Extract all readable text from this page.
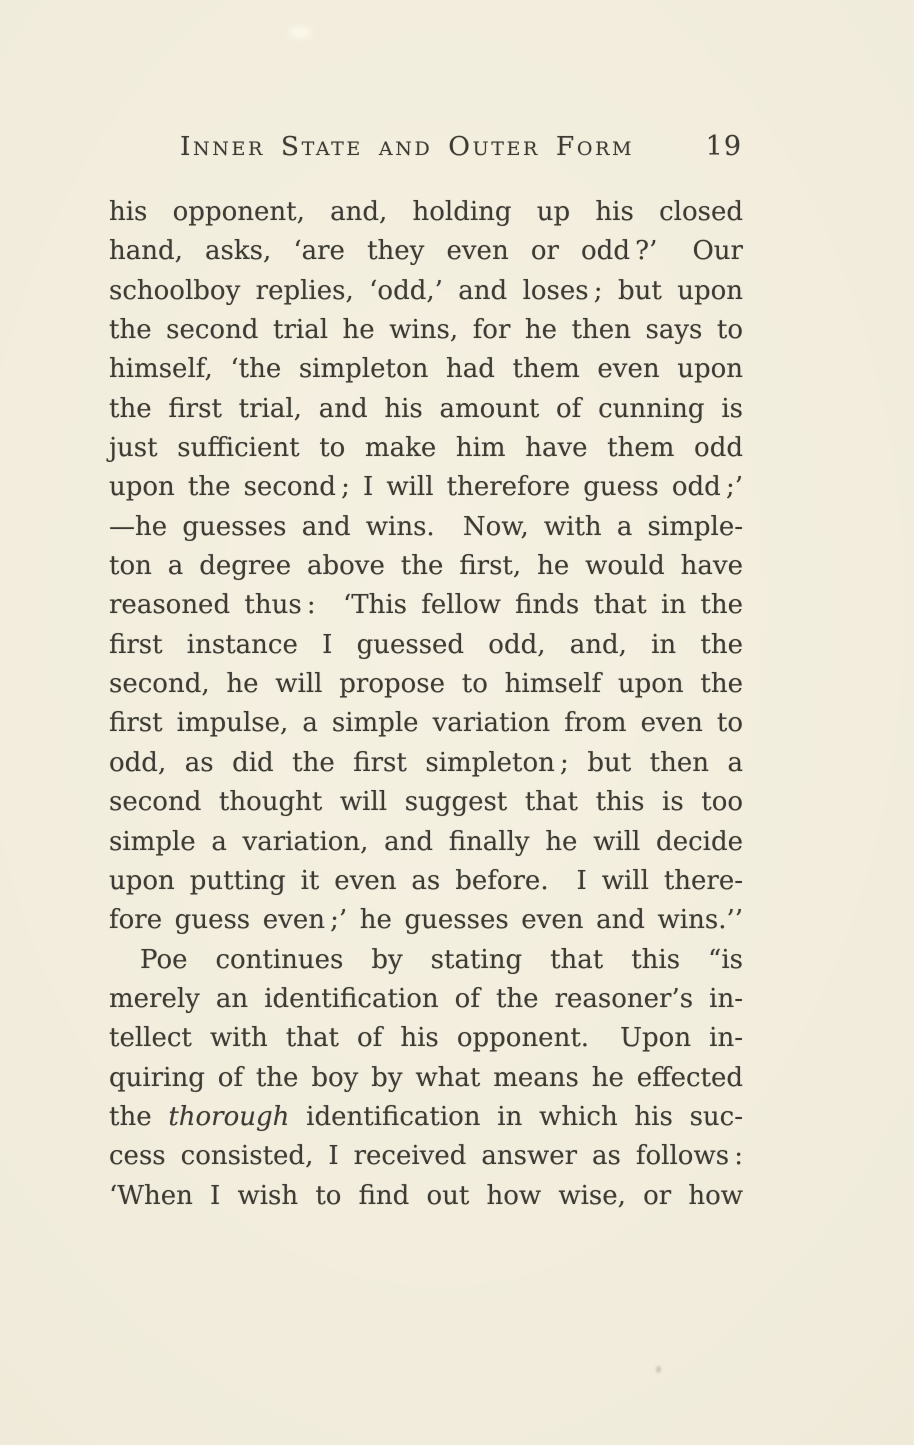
Inner State and Outer Form	19
his opponent, and, holding up his closed
hand, asks, ‘are they even or odd ?’  Our
schoolboy replies, ‘odd,’ and loses ; but upon
the second trial he wins, for he then says to
himself, ‘the simpleton had them even upon
the first trial, and his amount of cunning is
just sufficient to make him have them odd
upon the second ; I will therefore guess odd ;’
—he guesses and wins.  Now, with a simple-
ton a degree above the first, he would have
reasoned thus :  ‘This fellow finds that in the
first instance I guessed odd, and, in the
second, he will propose to himself upon the
first impulse, a simple variation from even to
odd, as did the first simpleton ; but then a
second thought will suggest that this is too
simple a variation, and finally he will decide
upon putting it even as before.  I will there-
fore guess even ;’ he guesses even and wins.’’
Poe continues by stating that this “is
merely an identification of the reasoner’s in-
tellect with that of his opponent.  Upon in-
quiring of the boy by what means he effected
the thorough identification in which his suc-
cess consisted, I received answer as follows :
‘When I wish to find out how wise, or how
